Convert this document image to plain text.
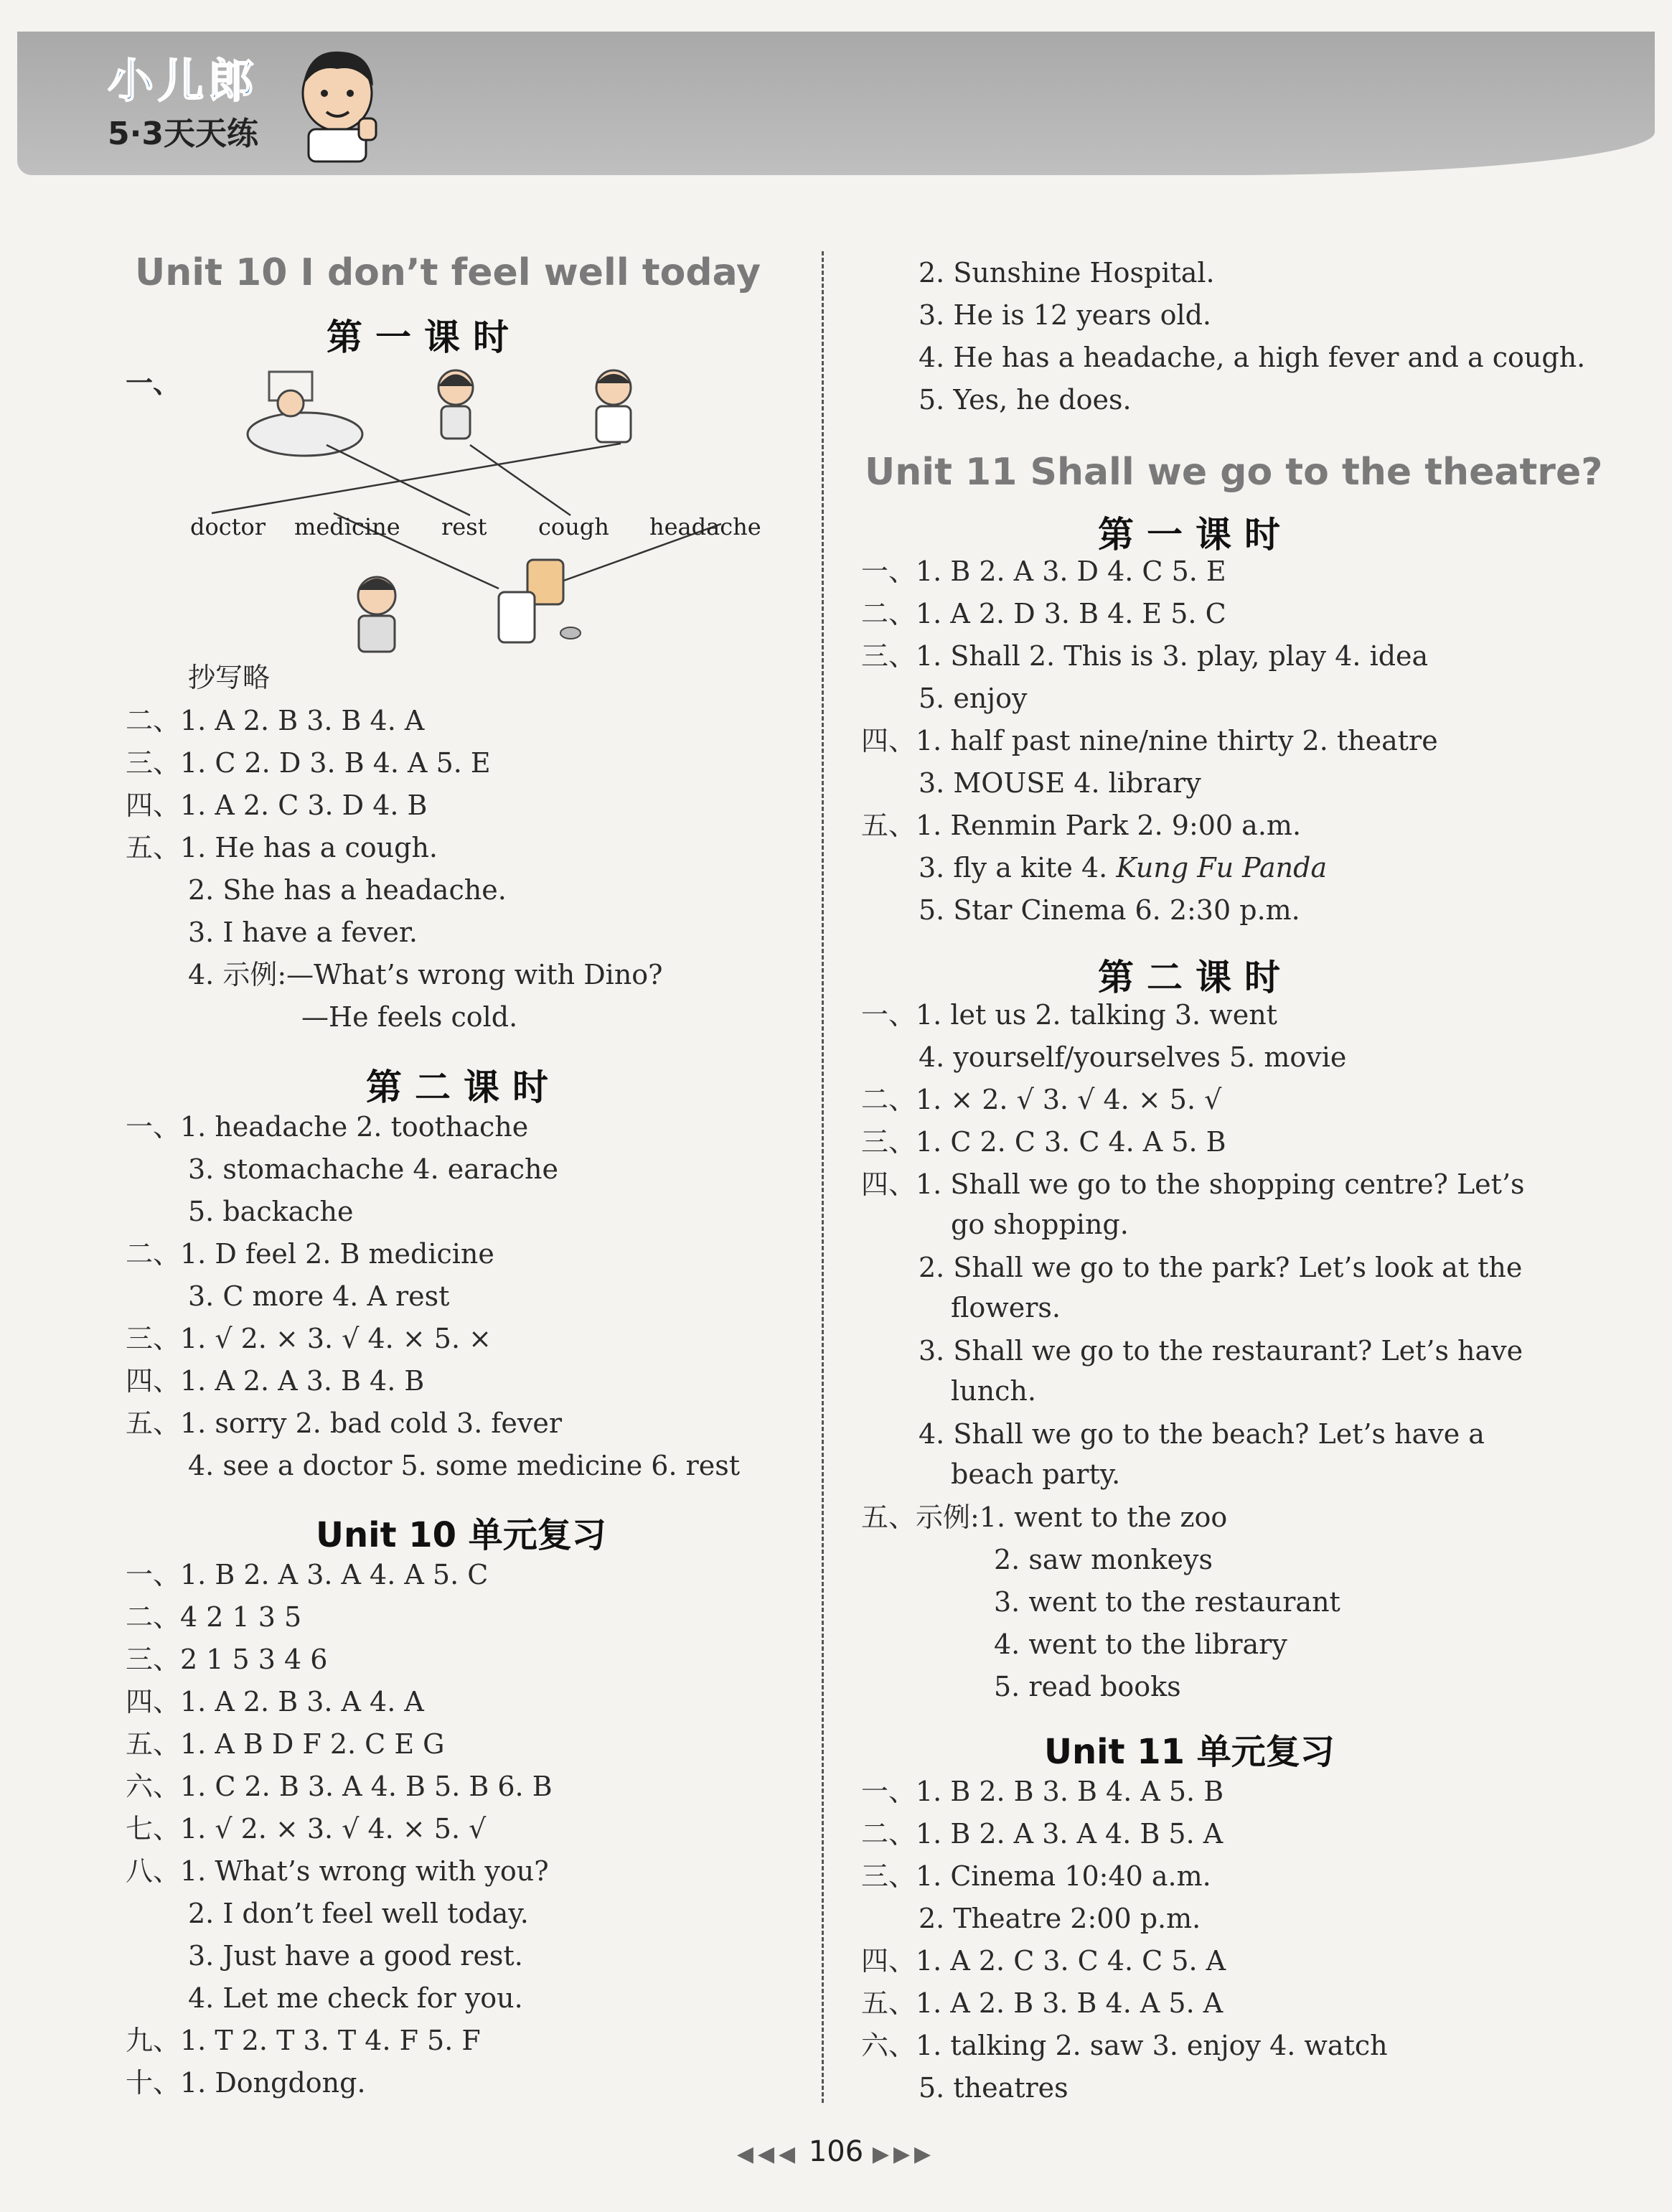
小儿郎
5·3天天练
Unit 10 I don’t feel well today
第一课时
一、
doctor medicine rest cough headache
抄写略
二、1. A 2. B 3. B 4. A
三、1. C 2. D 3. B 4. A 5. E
四、1. A 2. C 3. D 4. B
五、1. He has a cough.
2. She has a headache.
3. I have a fever.
4. 示例:—What’s wrong with Dino?
—He feels cold.
第二课时
一、1. headache 2. toothache
3. stomachache 4. earache
5. backache
二、1. D feel 2. B medicine
3. C more 4. A rest
三、1. √ 2. × 3. √ 4. × 5. ×
四、1. A 2. A 3. B 4. B
五、1. sorry 2. bad cold 3. fever
4. see a doctor 5. some medicine 6. rest
Unit 10 单元复习
一、1. B 2. A 3. A 4. A 5. C
二、4 2 1 3 5
三、2 1 5 3 4 6
四、1. A 2. B 3. A 4. A
五、1. A B D F 2. C E G
六、1. C 2. B 3. A 4. B 5. B 6. B
七、1. √ 2. × 3. √ 4. × 5. √
八、1. What’s wrong with you?
2. I don’t feel well today.
3. Just have a good rest.
4. Let me check for you.
九、1. T 2. T 3. T 4. F 5. F
十、1. Dongdong.
2. Sunshine Hospital.
3. He is 12 years old.
4. He has a headache, a high fever and a cough.
5. Yes, he does.
Unit 11 Shall we go to the theatre?
第一课时
一、1. B 2. A 3. D 4. C 5. E
二、1. A 2. D 3. B 4. E 5. C
三、1. Shall 2. This is 3. play, play 4. idea
5. enjoy
四、1. half past nine/nine thirty 2. theatre
3. MOUSE 4. library
五、1. Renmin Park 2. 9:00 a.m.
3. fly a kite 4. Kung Fu Panda
5. Star Cinema 6. 2:30 p.m.
第二课时
一、1. let us 2. talking 3. went
4. yourself/yourselves 5. movie
二、1. × 2. √ 3. √ 4. × 5. √
三、1. C 2. C 3. C 4. A 5. B
四、1. Shall we go to the shopping centre? Let’s
go shopping.
2. Shall we go to the park? Let’s look at the
flowers.
3. Shall we go to the restaurant? Let’s have
lunch.
4. Shall we go to the beach? Let’s have a
beach party.
五、示例:1. went to the zoo
2. saw monkeys
3. went to the restaurant
4. went to the library
5. read books
Unit 11 单元复习
一、1. B 2. B 3. B 4. A 5. B
二、1. B 2. A 3. A 4. B 5. A
三、1. Cinema 10:40 a.m.
2. Theatre 2:00 p.m.
四、1. A 2. C 3. C 4. C 5. A
五、1. A 2. B 3. B 4. A 5. A
六、1. talking 2. saw 3. enjoy 4. watch
5. theatres
◀◀◀ 106 ▶▶▶
